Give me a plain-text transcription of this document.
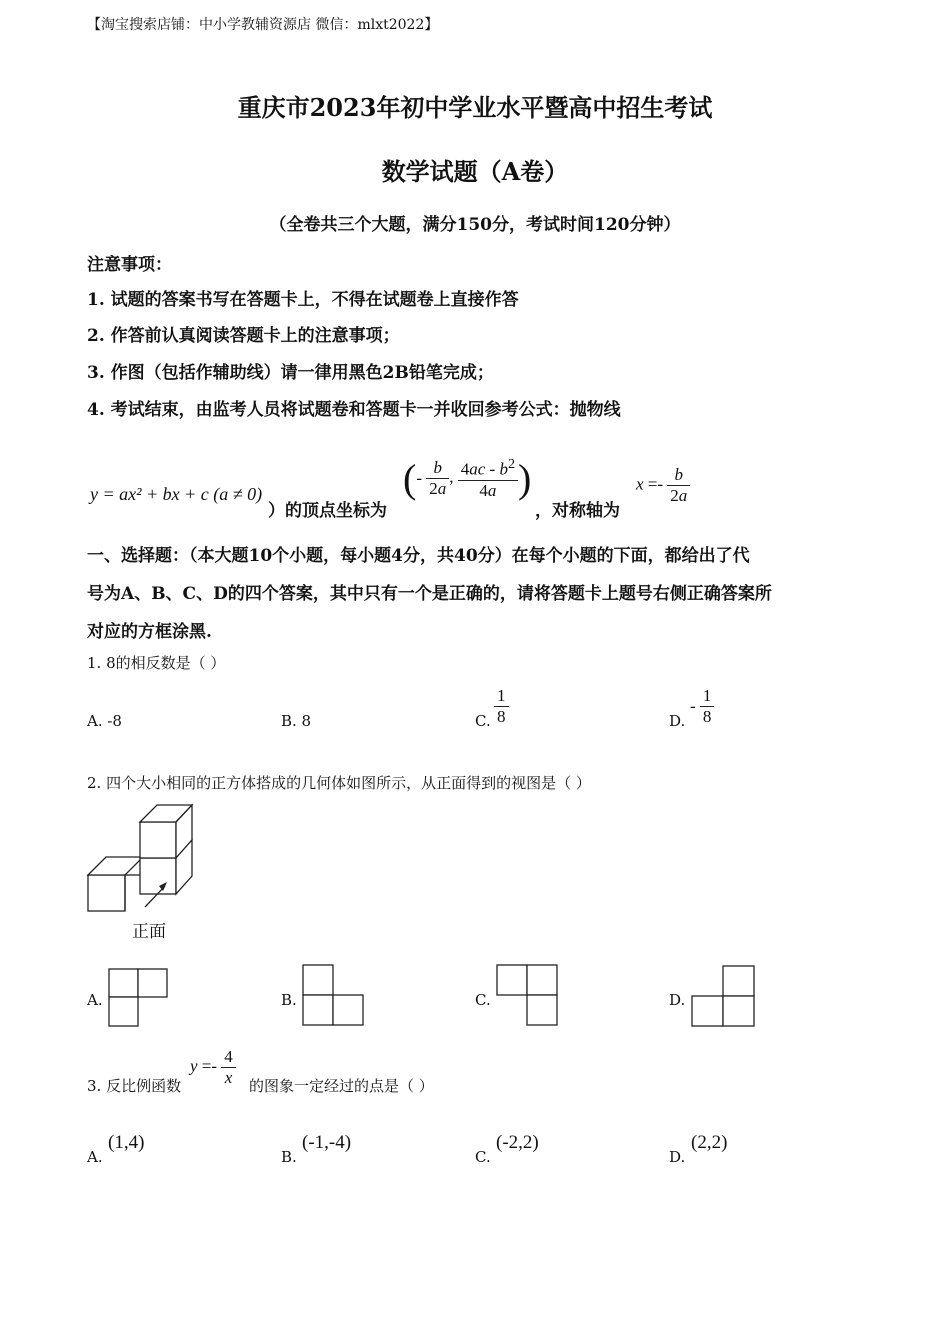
【淘宝搜索店铺：中小学教辅资源店 微信：mlxt2022】
重庆市2023年初中学业水平暨高中招生考试
数学试题（A卷）
（全卷共三个大题，满分150分，考试时间120分钟）
注意事项：
1. 试题的答案书写在答题卡上，不得在试题卷上直接作答
2. 作答前认真阅读答题卡上的注意事项；
3. 作图（包括作辅助线）请一律用黑色2B铅笔完成；
4. 考试结束，由监考人员将试题卷和答题卡一并收回参考公式：抛物线
y = ax² + bx + c (a ≠ 0)
）的顶点坐标为
(- $\frac{b}{2a}$ , $\frac{4ac - b^2}{4a}$ )
，对称轴为
$x =- \frac{b}{2a}$
一、选择题：（本大题10个小题，每小题4分，共40分）在每个小题的下面，都给出了代
号为A、B、C、D的四个答案，其中只有一个是正确的，请将答题卡上题号右侧正确答案所
对应的方框涂黑.
1. 8的相反数是（ ）
A. -8	B. 8	C. $\frac{1}{8}$	D.
- $\frac{1}{8}$
2. 四个大小相同的正方体搭成的几何体如图所示，从正面得到的视图是（ ）
正面
A.	B.	C.	D.
3. 反比例函数
$y =- \frac{4}{x}$ 的图象一定经过的点是（ ）
A.
(1,4)
B.
(-1,-4)
C.
(-2,2)
D.
(2,2)
